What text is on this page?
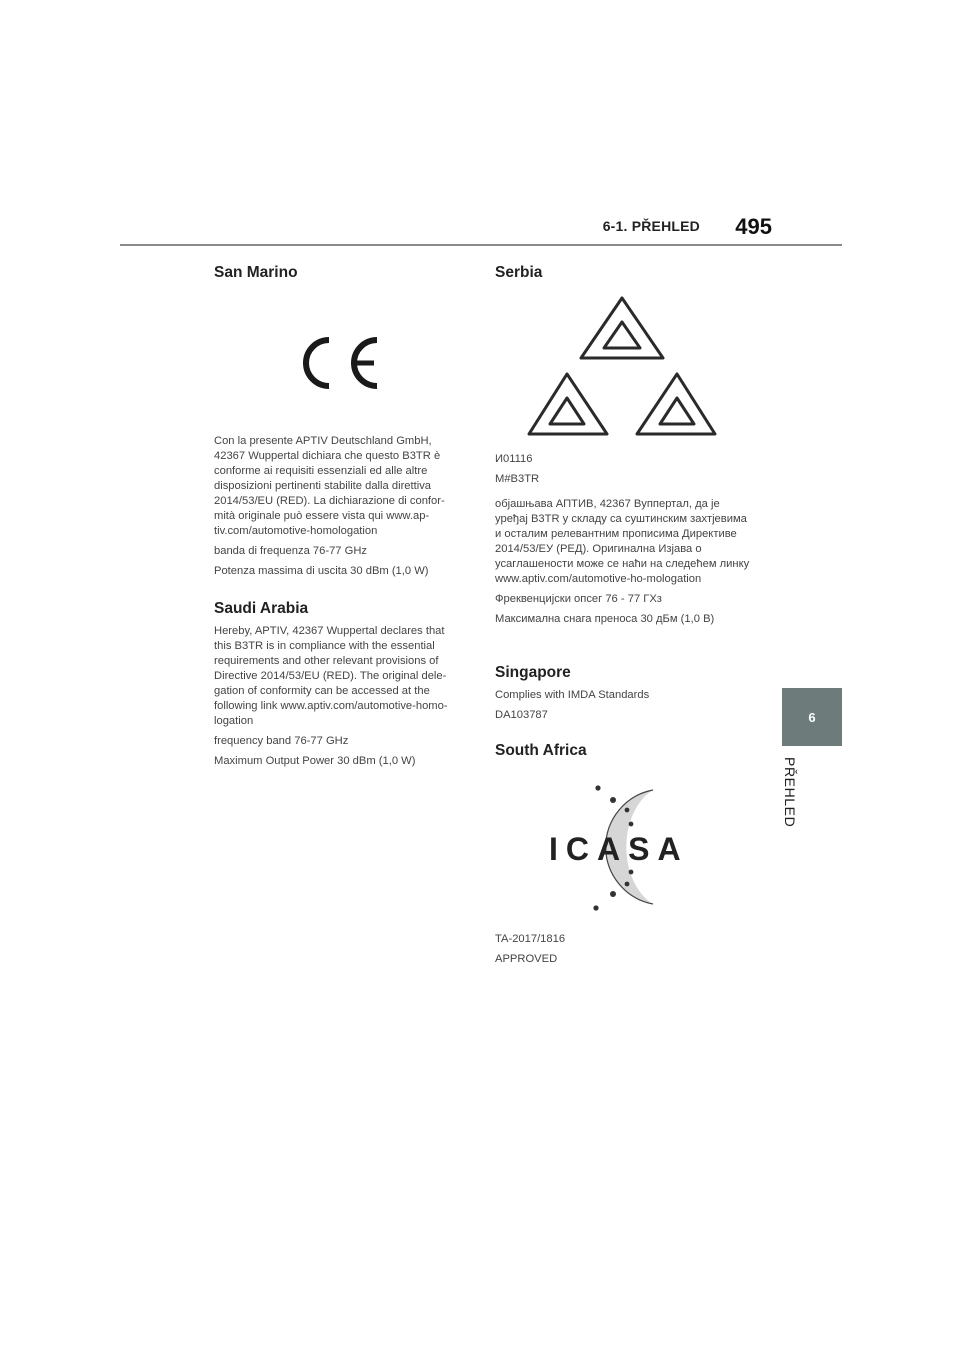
6-1. PŘEHLED 495
6
PŘEHLED
San Marino

Con la presente APTIV Deutschland GmbH, 42367 Wuppertal dichiara che questo B3TR è conforme ai requisiti essenziali ed alle altre disposizioni pertinenti stabilite dalla direttiva 2014/53/EU (RED). La dichiarazione di confor-mità originale può essere vista qui www.ap-tiv.com/automotive-homologation

banda di frequenza 76-77 GHz

Potenza massima di uscita 30 dBm (1,0 W)

Saudi Arabia

Hereby, APTIV, 42367 Wuppertal declares that this B3TR is in compliance with the essential requirements and other relevant provisions of Directive 2014/53/EU (RED). The original dele-gation of conformity can be accessed at the following link www.aptiv.com/automotive-homo-logation

frequency band 76-77 GHz

Maximum Output Power 30 dBm (1,0 W)

Serbia

И01116

M#B3TR

објашњава АПТИВ, 42367 Вуппертал, да је уређај B3TR у складу са суштинским захтјевима и осталим релевантним прописима Директиве 2014/53/ЕУ (РЕД). Оригинална Изјава о усаглашености може се наћи на следећем линку www.aptiv.com/automotive-ho-mologation

Фреквенцијски опсег 76 - 77 ГХз

Максимална снага преноса 30 дБм (1,0 В)

Singapore

Complies with IMDA Standards

DA103787

South Africa
ICASA

TA-2017/1816

APPROVED
